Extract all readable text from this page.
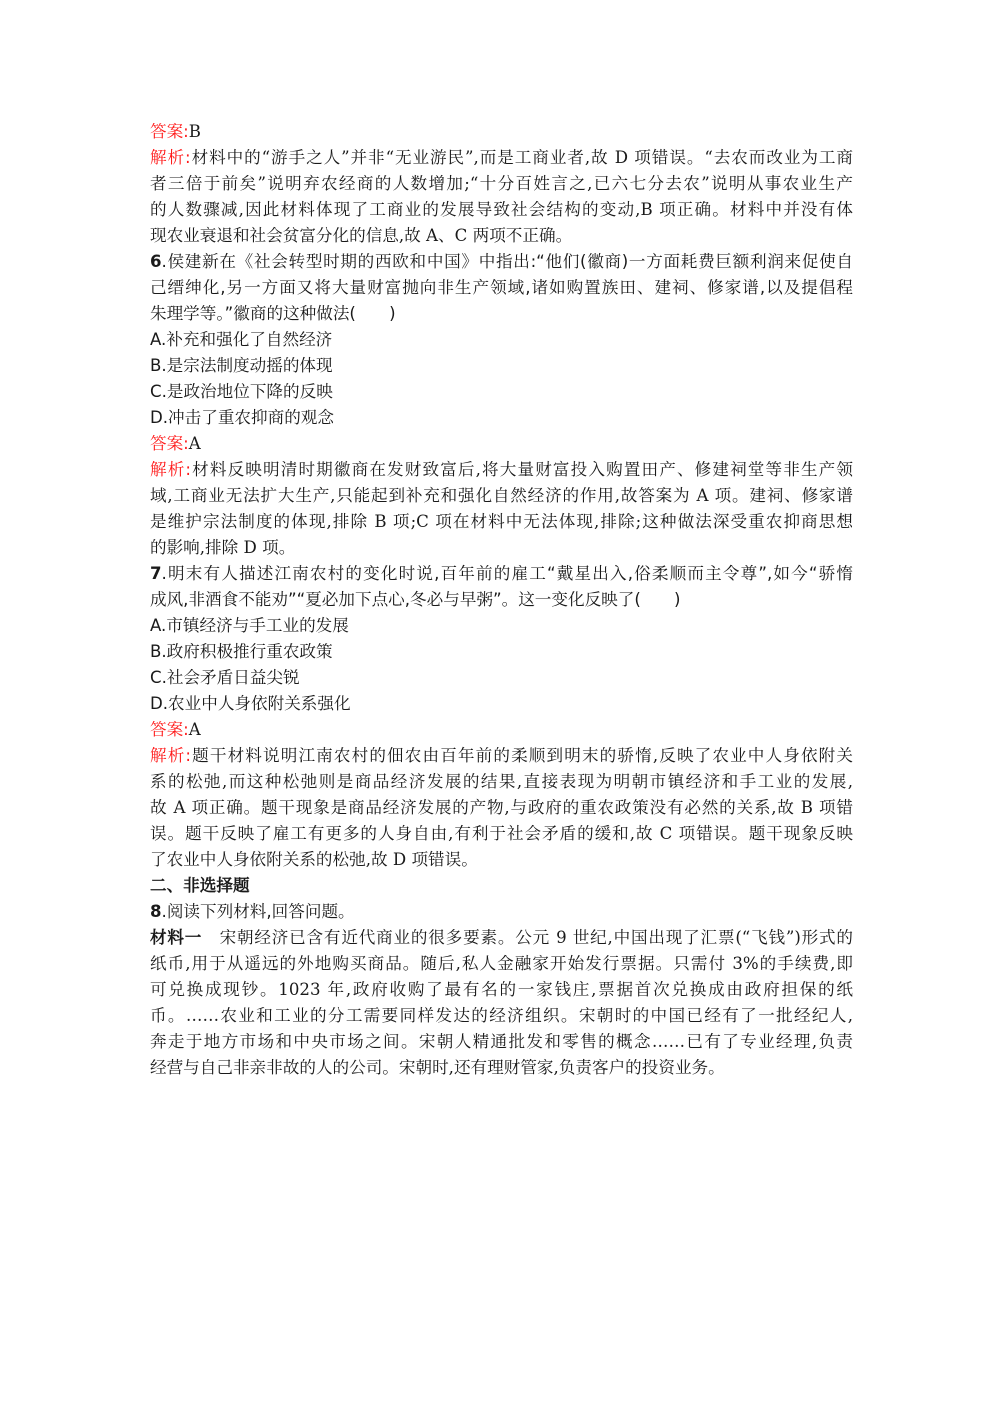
答案:B
解析:材料中的“游手之人”并非“无业游民”,而是工商业者,故 D 项错误。“去农而改业为工商
者三倍于前矣”说明弃农经商的人数增加;“十分百姓言之,已六七分去农”说明从事农业生产
的人数骤减,因此材料体现了工商业的发展导致社会结构的变动,B 项正确。材料中并没有体
现农业衰退和社会贫富分化的信息,故 A、C 两项不正确。
6.侯建新在《社会转型时期的西欧和中国》中指出:“他们(徽商)一方面耗费巨额利润来促使自
己缙绅化,另一方面又将大量财富抛向非生产领域,诸如购置族田、建祠、修家谱,以及提倡程
朱理学等。”徽商的这种做法(　　)
A.补充和强化了自然经济
B.是宗法制度动摇的体现
C.是政治地位下降的反映
D.冲击了重农抑商的观念
答案:A
解析:材料反映明清时期徽商在发财致富后,将大量财富投入购置田产、修建祠堂等非生产领
域,工商业无法扩大生产,只能起到补充和强化自然经济的作用,故答案为 A 项。建祠、修家谱
是维护宗法制度的体现,排除 B 项;C 项在材料中无法体现,排除;这种做法深受重农抑商思想
的影响,排除 D 项。
7.明末有人描述江南农村的变化时说,百年前的雇工“戴星出入,俗柔顺而主令尊”,如今“骄惰
成风,非酒食不能劝”“夏必加下点心,冬必与早粥”。这一变化反映了(　　)
A.市镇经济与手工业的发展
B.政府积极推行重农政策
C.社会矛盾日益尖锐
D.农业中人身依附关系强化
答案:A
解析:题干材料说明江南农村的佃农由百年前的柔顺到明末的骄惰,反映了农业中人身依附关
系的松弛,而这种松弛则是商品经济发展的结果,直接表现为明朝市镇经济和手工业的发展,
故 A 项正确。题干现象是商品经济发展的产物,与政府的重农政策没有必然的关系,故 B 项错
误。题干反映了雇工有更多的人身自由,有利于社会矛盾的缓和,故 C 项错误。题干现象反映
了农业中人身依附关系的松弛,故 D 项错误。
二、非选择题
8.阅读下列材料,回答问题。
材料一　宋朝经济已含有近代商业的很多要素。公元 9 世纪,中国出现了汇票(“飞钱”)形式的
纸币,用于从遥远的外地购买商品。随后,私人金融家开始发行票据。只需付 3%的手续费,即
可兑换成现钞。1023 年,政府收购了最有名的一家钱庄,票据首次兑换成由政府担保的纸
币。……农业和工业的分工需要同样发达的经济组织。宋朝时的中国已经有了一批经纪人,
奔走于地方市场和中央市场之间。宋朝人精通批发和零售的概念……已有了专业经理,负责
经营与自己非亲非故的人的公司。宋朝时,还有理财管家,负责客户的投资业务。
